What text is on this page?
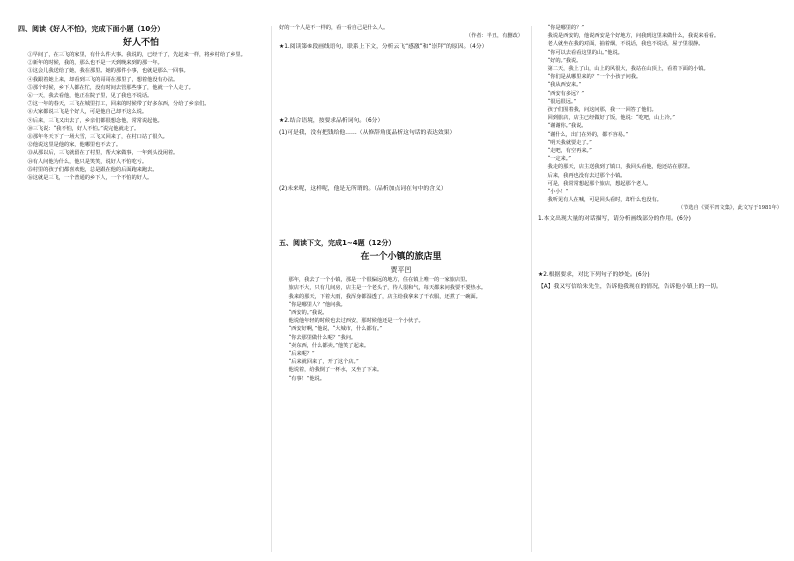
四、阅读《好人不怕》，完成下面小题（10分）
好人不怕

①早间了，在三飞的家里，有什么件大事。我说的，已经干了，先赶来一样，将乡村给了乡里。

②新年的时候，我的，那么也不是一天到晚来到的那一年。

③这会儿我送给了她，我在那里。她的那件小事，也就是那么一回事。

④我跟着她上来，却看到三飞的哥哥在那里了，想着他没有办法。

⑤那个时候，乡下人都在忙，没有时间去管那些事了，他就一个人走了。

⑥一天，我去看他，他正在院子里，见了我也不说话。

⑦这一年的春天，三飞在城里打工，回来的时候带了好多东西，分给了乡亲们。

⑧大家都说三飞是个好人，可是他自己却不这么说。

⑨后来，三飞又出去了，乡亲们都很想念他，常常说起他。

⑩三飞说：“我不怕，好人不怕。”说完他就走了。

⑪那年冬天下了一场大雪，三飞又回来了，在村口站了很久。

⑫他说这里是他的家，他哪里也不去了。

⑬从那以后，三飞就留在了村里，帮大家做事，一年到头没闲着。

⑭有人问他为什么，他只是笑笑，说好人不怕吃亏。

⑮村里的孩子们都喜欢他，总是跟在他的后面跑来跑去。

⑯这就是三飞，一个普通的乡下人，一个不怕的好人。

好的一个人是不一样的，看一看自己是什么人。

（作者：半丑，有删改）
★1.阅读第⑥段画线语句，联系上下文，分析云飞“感激”和“崇拜”的原因。（4分）
★2.结合语境，按要求品析词句。（6分）
(1)可是我，没有把钱给他……（从修辞角度品析这句话的表达效果）
(2)未来呢，这样呢，他是无所谓的。（品析加点词在句中的含义）
五、阅读下文，完成1~4题（12分）
在一个小镇的旅店里
贾平凹

那年，我去了一个小镇，那是一个很偏远的地方，住在镇上唯一的一家旅店里。

旅店不大，只有几间房，店主是一个老头子，待人很和气，每天都来问我要不要热水。

我来的那天，下着大雨，我浑身都湿透了，店主给我拿来了干衣服，还煮了一碗面。

“你是哪里人？”他问我。

“西安的。”我说。

他说他年轻的时候也去过西安，那时候他还是一个小伙子。

“西安好啊，”他说，“大城市，什么都有。”

“你去那里做什么呢？”我问。

“卖东西，什么都卖。”他笑了起来。

“后来呢？”

“后来就回来了，开了这个店。”

他说着，给我倒了一杯水，又坐了下来。

“有事！”他说。

“你是哪里的？”

我说是西安的，他说西安是个好地方，问我到这里来做什么，我说来看看。

老人就坐在我的对面，抽着烟，不说话，我也不说话，屋子里很静。

“你可以去看看这里的山。”他说。

“好的。”我说。

第二天，我上了山，山上的风很大，我站在山顶上，看着下面的小镇。

“你们是从哪里来的？”一个小孩子问我。

“我从西安来。”

“西安有多远？”

“很远很远。”

孩子们围着我，问这问那，我一一回答了他们。

回到旅店，店主已经做好了饭，他说：“吃吧，山上冷。”

“谢谢你。”我说。

“谢什么，出门在外的，都不容易。”

“明天我就要走了。”

“走吧，有空再来。”

“一定来。”

我走的那天，店主送我到了镇口，我回头看他，他还站在那里。

后来，我再也没有去过那个小镇。

可是，我常常想起那个旅店，想起那个老人。

“小小！”

我听见有人在喊，可是回头看时，却什么也没有。

（节选自《贾平凹文集》，此文写于1981年）
1.本文出现大量的对话描写，请分析画线部分的作用。(6分)
★2.根据要求，对比下列句子的妙处。(6分)
【A】我又写信给朱先生，告诉他我现在的情况，告诉他小镇上的一切。
